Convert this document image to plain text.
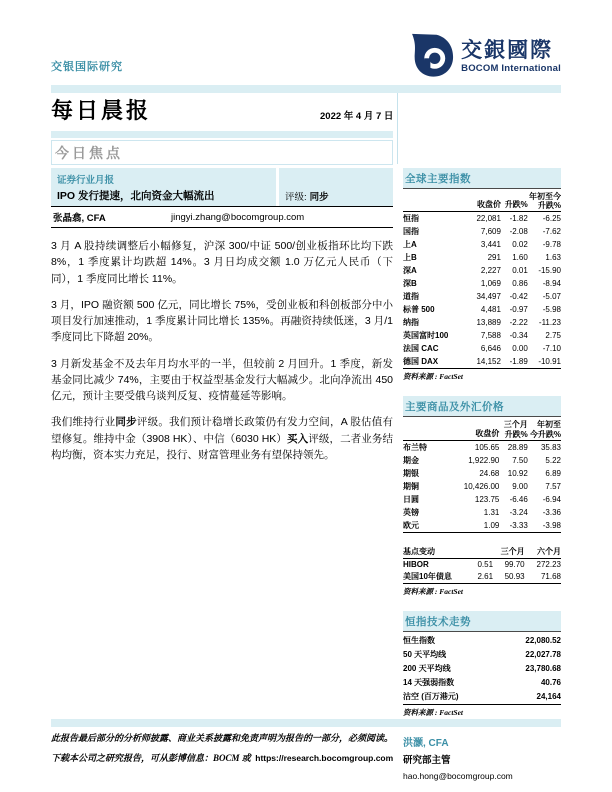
交银国际研究
交銀國際
BOCOM International
每日晨报	2022 年 4 月 7 日
今日焦点
证券行业月报
IPO 发行提速，北向资金大幅流出	评级: 同步
张晶翕, CFA	jingyi.zhang@bocomgroup.com

3 月 A 股持续调整后小幅修复，沪深 300/中证 500/创业板指环比均下跌 8%，1 季度累计均跌超 14%。3 月日均成交额 1.0 万亿元人民币（下同），1 季度同比增长 11%。

3 月，IPO 融资额 500 亿元，同比增长 75%，受创业板和科创板部分中小项目发行加速推动，1 季度累计同比增长 135%。再融资持续低迷，3 月/1 季度同比下降超 20%。

3 月新发基金不及去年月均水平的一半，但较前 2 月回升。1 季度，新发基金同比减少 74%，主要由于权益型基金发行大幅减少。北向净流出 450 亿元，预计主要受俄乌谈判反复、疫情蔓延等影响。

我们维持行业同步评级。我们预计稳增长政策仍有发力空间，A 股估值有望修复。维持中金（3908 HK）、中信（6030 HK）买入评级，二者业务结构均衡，资本实力充足，投行、财富管理业务有望保持领先。

全球主要指数
	收盘价	升跌%	年初至今
升跌%

恒指	22,081	-1.82	-6.25
国指	7,609	-2.08	-7.62
上A	3,441	0.02	-9.78
上B	291	1.60	1.63
深A	2,227	0.01	-15.90
深B	1,069	0.86	-8.94
道指	34,497	-0.42	-5.07
标普 500	4,481	-0.97	-5.98
纳指	13,889	-2.22	-11.23
英国富时100	7,588	-0.34	2.75
法国 CAC	6,646	0.00	-7.10
德国 DAX	14,152	-1.89	-10.91
资料来源 : FactSet
主要商品及外汇价格
	收盘价	
三个月
升跌%

年初至
今升跌%

布兰特	105.65	28.89	35.83
期金	1,922.90	7.50	5.22
期银	24.68	10.92	6.89
期铜	10,426.00	9.00	7.57
日圆	123.75	-6.46	-6.94
英镑	1.31	-3.24	-3.36
欧元	1.09	-3.33	-3.98
基点变动		三个月	六个月
HIBOR	0.51	99.70	272.23
美国10年债息	2.61	50.93	71.68
资料来源 : FactSet
恒指技术走势
恒生指数	22,080.52
50 天平均线	22,027.78
200 天平均线	23,780.68
14 天强弱指数	40.76
沽空 (百万港元)	24,164
资料来源 : FactSet
洪灏, CFA
研究部主管
hao.hong@bocomgroup.com

此报告最后部分的分析师披露、商业关系披露和免责声明为报告的一部分，必须阅读。

下载本公司之研究报告，可从彭博信息：BOCM 或 https://research.bocomgroup.com
